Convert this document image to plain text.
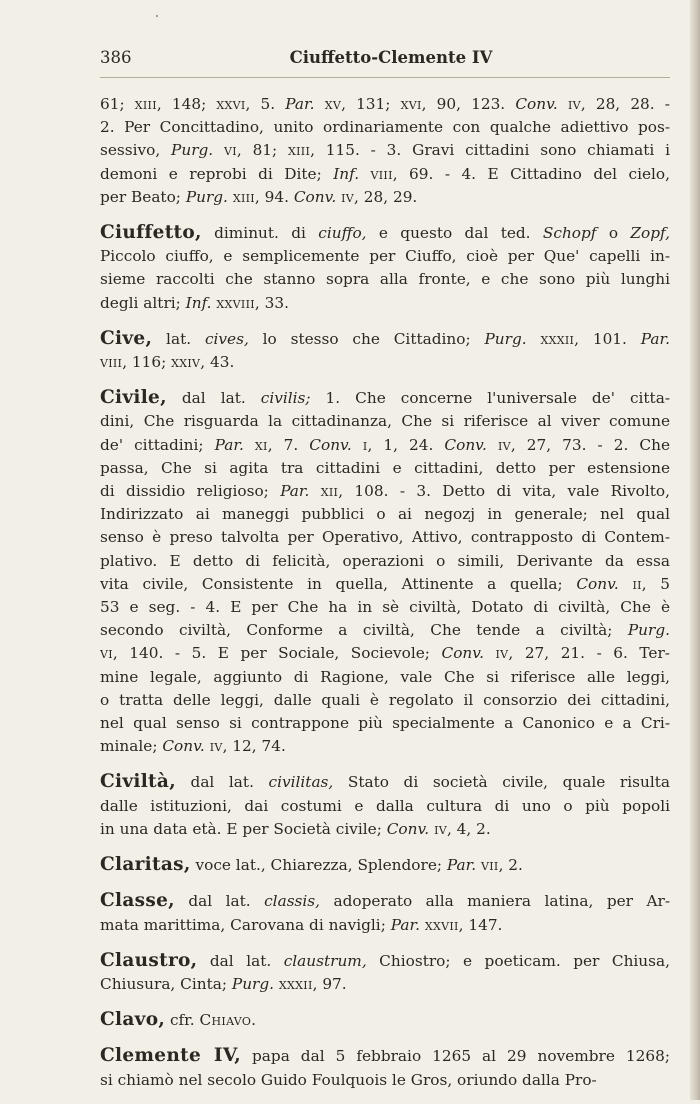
386	Ciuffetto-Clemente IV
61; xiii, 148; xxvi, 5. Par. xv, 131; xvi, 90, 123. Conv. iv, 28, 28. -
2. Per Concittadino, unito ordinariamente con qualche adiettivo pos-
sessivo, Purg. vi, 81; xiii, 115. - 3. Gravi cittadini sono chiamati i
demoni e reprobi di Dite; Inf. viii, 69. - 4. E Cittadino del cielo,
per Beato; Purg. xiii, 94. Conv. iv, 28, 29.
Ciuffetto, diminut. di ciuffo, e questo dal ted. Schopf o Zopf,
Piccolo ciuffo, e semplicemente per Ciuffo, cioè per Que' capelli in-
sieme raccolti che stanno sopra alla fronte, e che sono più lunghi
degli altri; Inf. xxviii, 33.
Cive, lat. cives, lo stesso che Cittadino; Purg. xxxii, 101. Par.
viii, 116; xxiv, 43.
Civile, dal lat. civilis; 1. Che concerne l'universale de' citta-
dini, Che risguarda la cittadinanza, Che si riferisce al viver comune
de' cittadini; Par. xi, 7. Conv. i, 1, 24. Conv. iv, 27, 73. - 2. Che
passa, Che si agita tra cittadini e cittadini, detto per estensione
di dissidio religioso; Par. xii, 108. - 3. Detto di vita, vale Rivolto,
Indirizzato ai maneggi pubblici o ai negozj in generale; nel qual
senso è preso talvolta per Operativo, Attivo, contrapposto di Contem-
plativo. E detto di felicità, operazioni o simili, Derivante da essa
vita civile, Consistente in quella, Attinente a quella; Conv. ii, 5
53 e seg. - 4. E per Che ha in sè civiltà, Dotato di civiltà, Che è
secondo civiltà, Conforme a civiltà, Che tende a civiltà; Purg.
vi, 140. - 5. E per Sociale, Socievole; Conv. iv, 27, 21. - 6. Ter-
mine legale, aggiunto di Ragione, vale Che si riferisce alle leggi,
o tratta delle leggi, dalle quali è regolato il consorzio dei cittadini,
nel qual senso si contrappone più specialmente a Canonico e a Cri-
minale; Conv. iv, 12, 74.
Civiltà, dal lat. civilitas, Stato di società civile, quale risulta
dalle istituzioni, dai costumi e dalla cultura di uno o più popoli
in una data età. E per Società civile; Conv. iv, 4, 2.
Claritas, voce lat., Chiarezza, Splendore; Par. vii, 2.
Classe, dal lat. classis, adoperato alla maniera latina, per Ar-
mata marittima, Carovana di navigli; Par. xxvii, 147.
Claustro, dal lat. claustrum, Chiostro; e poeticam. per Chiusa,
Chiusura, Cinta; Purg. xxxii, 97.
Clavo, cfr. Chiavo.
Clemente IV, papa dal 5 febbraio 1265 al 29 novembre 1268;
si chiamò nel secolo Guido Foulquois le Gros, oriundo dalla Pro-
